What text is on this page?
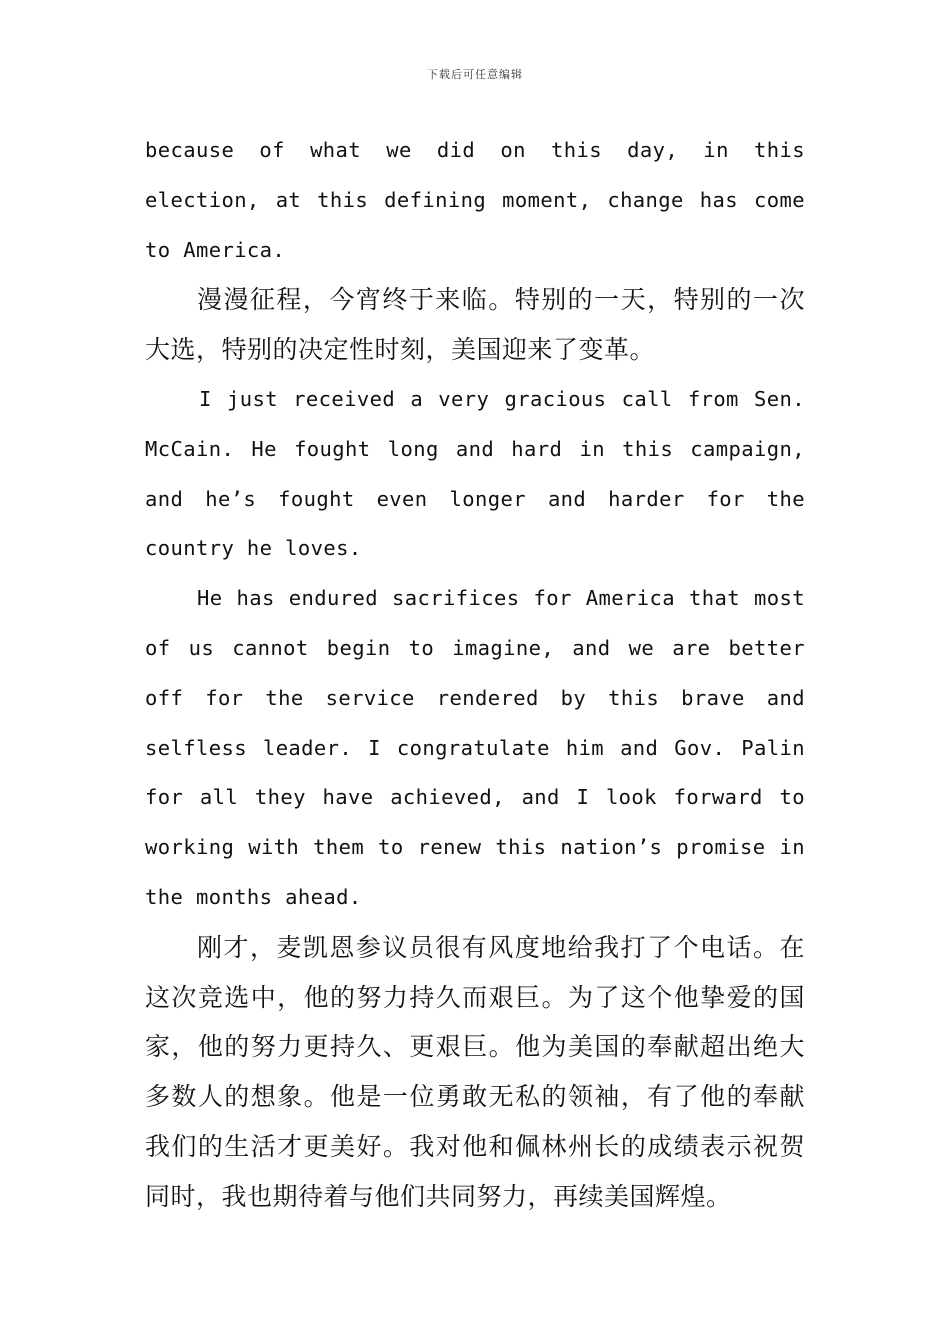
下载后可任意编辑

because of what we did on this day, in this election, at this defining moment, change has come to America.

漫漫征程，今宵终于来临。特别的一天，特别的一次大选，特别的决定性时刻，美国迎来了变革。

I just received a very gracious call from Sen. McCain. He fought long and hard in this campaign, and he’s fought even longer and harder for the country he loves.

He has endured sacrifices for America that most of us cannot begin to imagine, and we are better off for the service rendered by this brave and selfless leader. I congratulate him and Gov. Palin for all they have achieved, and I look forward to working with them to renew this nation’s promise in the months ahead.

刚才，麦凯恩参议员很有风度地给我打了个电话。在这次竞选中，他的努力持久而艰巨。为了这个他挚爱的国家，他的努力更持久、更艰巨。他为美国的奉献超出绝大多数人的想象。他是一位勇敢无私的领袖，有了他的奉献我们的生活才更美好。我对他和佩林州长的成绩表示祝贺同时，我也期待着与他们共同努力，再续美国辉煌。
